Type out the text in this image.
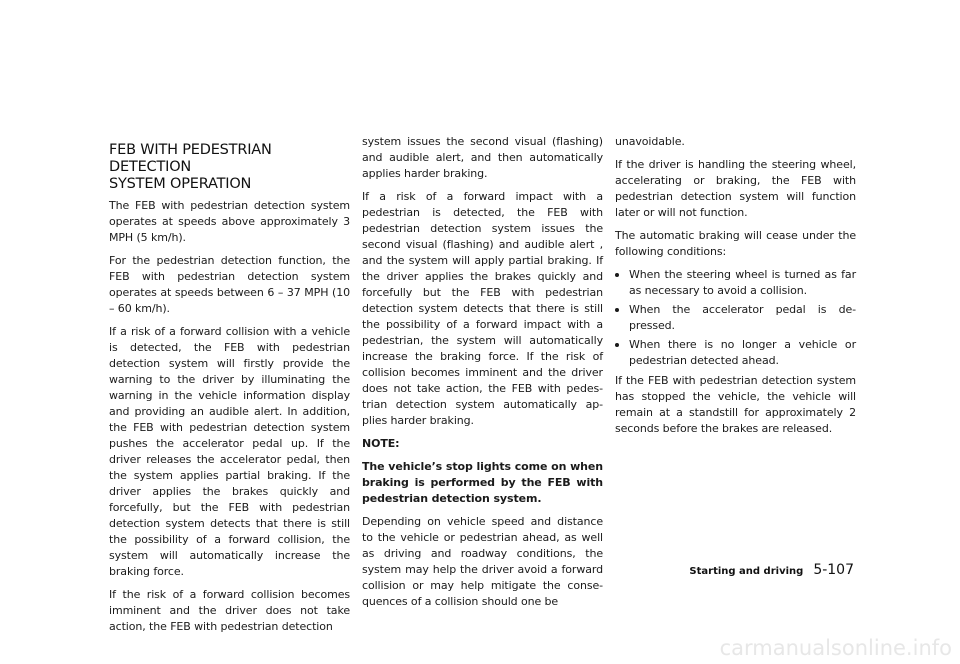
FEB WITH PEDESTRIAN DETECTION
SYSTEM OPERATION

The FEB with pedestrian detection system operates at speeds above approximately 3 MPH (5 km/h).

For the pedestrian detection function, the FEB with pedestrian detection system operates at speeds between 6 – 37 MPH (10 – 60 km/h).

If a risk of a forward collision with a vehicle is detected, the FEB with pedestrian detection system will firstly provide the warning to the driver by illuminating the warning in the vehicle information display and providing an audible alert. In addition, the FEB with pedestrian detection system pushes the accelerator pedal up. If the driver releases the accelerator pedal, then the system applies partial braking. If the driver applies the brakes quickly and forcefully, but the FEB with pedestrian detection system detects that there is still the possibility of a forward collision, the system will automatically increase the braking force.

If the risk of a forward collision becomes imminent and the driver does not take action, the FEB with pedestrian detection

system issues the second visual (flashing) and audible alert, and then automatically applies harder braking.

If a risk of a forward impact with a pedestrian is detected, the FEB with pedestrian detection system issues the second visual (flashing) and audible alert , and the system will apply partial braking. If the driver applies the brakes quickly and forcefully but the FEB with pedestrian detection system detects that there is still the possibility of a forward impact with a pedestrian, the system will automatically increase the braking force. If the risk of collision becomes imminent and the driver does not take action, the FEB with pedes-trian detection system automatically ap-plies harder braking.

NOTE:

The vehicle’s stop lights come on when braking is performed by the FEB with pedestrian detection system.

Depending on vehicle speed and distance to the vehicle or pedestrian ahead, as well as driving and roadway conditions, the system may help the driver avoid a forward collision or may help mitigate the conse-quences of a collision should one be

unavoidable.

If the driver is handling the steering wheel, accelerating or braking, the FEB with pedestrian detection system will function later or will not function.

The automatic braking will cease under the following conditions:

When the steering wheel is turned as far as necessary to avoid a collision.
When the accelerator pedal is de-pressed.
When there is no longer a vehicle or pedestrian detected ahead.

If the FEB with pedestrian detection system has stopped the vehicle, the vehicle will remain at a standstill for approximately 2 seconds before the brakes are released.

Starting and driving 5-107
carmanualsonline.info
